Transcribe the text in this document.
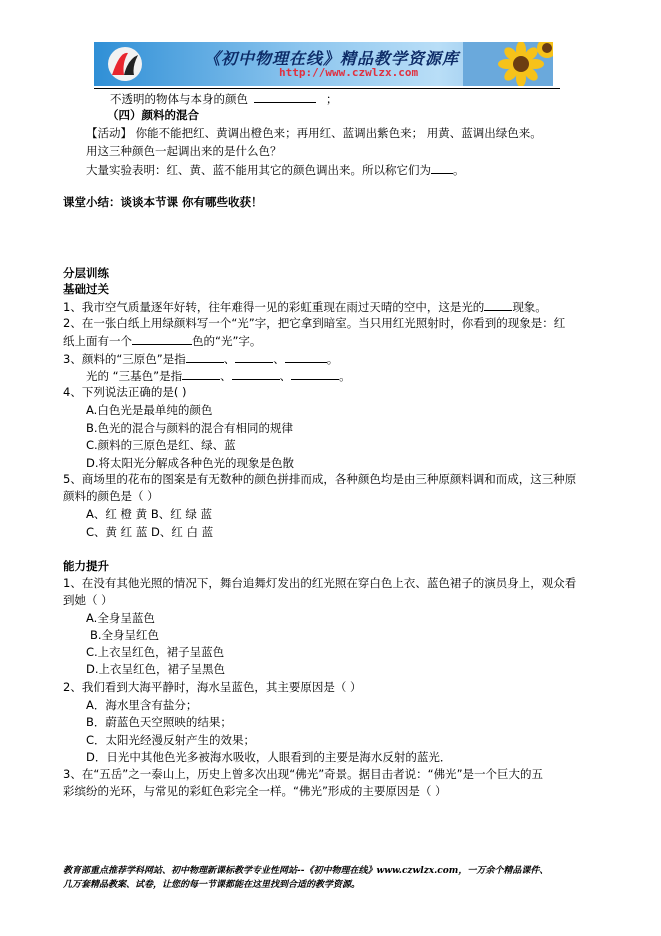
《初中物理在线》精品教学资源库
http://www.czwlzx.com
不透明的物体与本身的颜色	；
（四）颜料的混合
【活动】 你能不能把红、黄调出橙色来；再用红、蓝调出紫色来； 用黄、蓝调出绿色来。
用这三种颜色一起调出来的是什么色？
大量实验表明：红、黄、蓝不能用其它的颜色调出来。所以称它们为 。
课堂小结：谈谈本节课 你有哪些收获！
分层训练
基础过关
1、我市空气质量逐年好转，往年难得一见的彩虹重现在雨过天晴的空中，这是光的 现象。
2、在一张白纸上用绿颜料写一个“光”字，把它拿到暗室。当只用红光照射时，你看到的现象是：红
纸上面有一个	色的“光”字。
3、颜料的“三原色”是指	、	、	。
光的 “三基色”是指	、	、	。
4、下列说法正确的是( )
A.白色光是最单纯的颜色
B.色光的混合与颜料的混合有相同的规律
C.颜料的三原色是红、绿、蓝
D.将太阳光分解成各种色光的现象是色散
5、商场里的花布的图案是有无数种的颜色拼排而成，各种颜色均是由三种原颜料调和而成，这三种原
颜料的颜色是（ ）
A、红 橙 黄 B、红 绿 蓝
C、黄 红 蓝 D、红 白 蓝
能力提升
1、在没有其他光照的情况下，舞台追舞灯发出的红光照在穿白色上衣、蓝色裙子的演员身上，观众看
到她（ ）
A.全身呈蓝色
B.全身呈红色
C.上衣呈红色，裙子呈蓝色
D.上衣呈红色，裙子呈黑色
2、我们看到大海平静时，海水呈蓝色，其主要原因是（ ）
A．海水里含有盐分；
B．蔚蓝色天空照映的结果；
C．太阳光经漫反射产生的效果；
D．日光中其他色光多被海水吸收，人眼看到的主要是海水反射的蓝光．
3、在“五岳”之一泰山上，历史上曾多次出现“佛光”奇景。据目击者说：“佛光”是一个巨大的五
彩缤纷的光环，与常见的彩虹色彩完全一样。“佛光”形成的主要原因是（ ）
教育部重点推荐学科网站、初中物理新课标教学专业性网站--《初中物理在线》www.czwlzx.com，一万余个精品课件、
几万套精品教案、试卷，让您的每一节课都能在这里找到合适的教学资源。
